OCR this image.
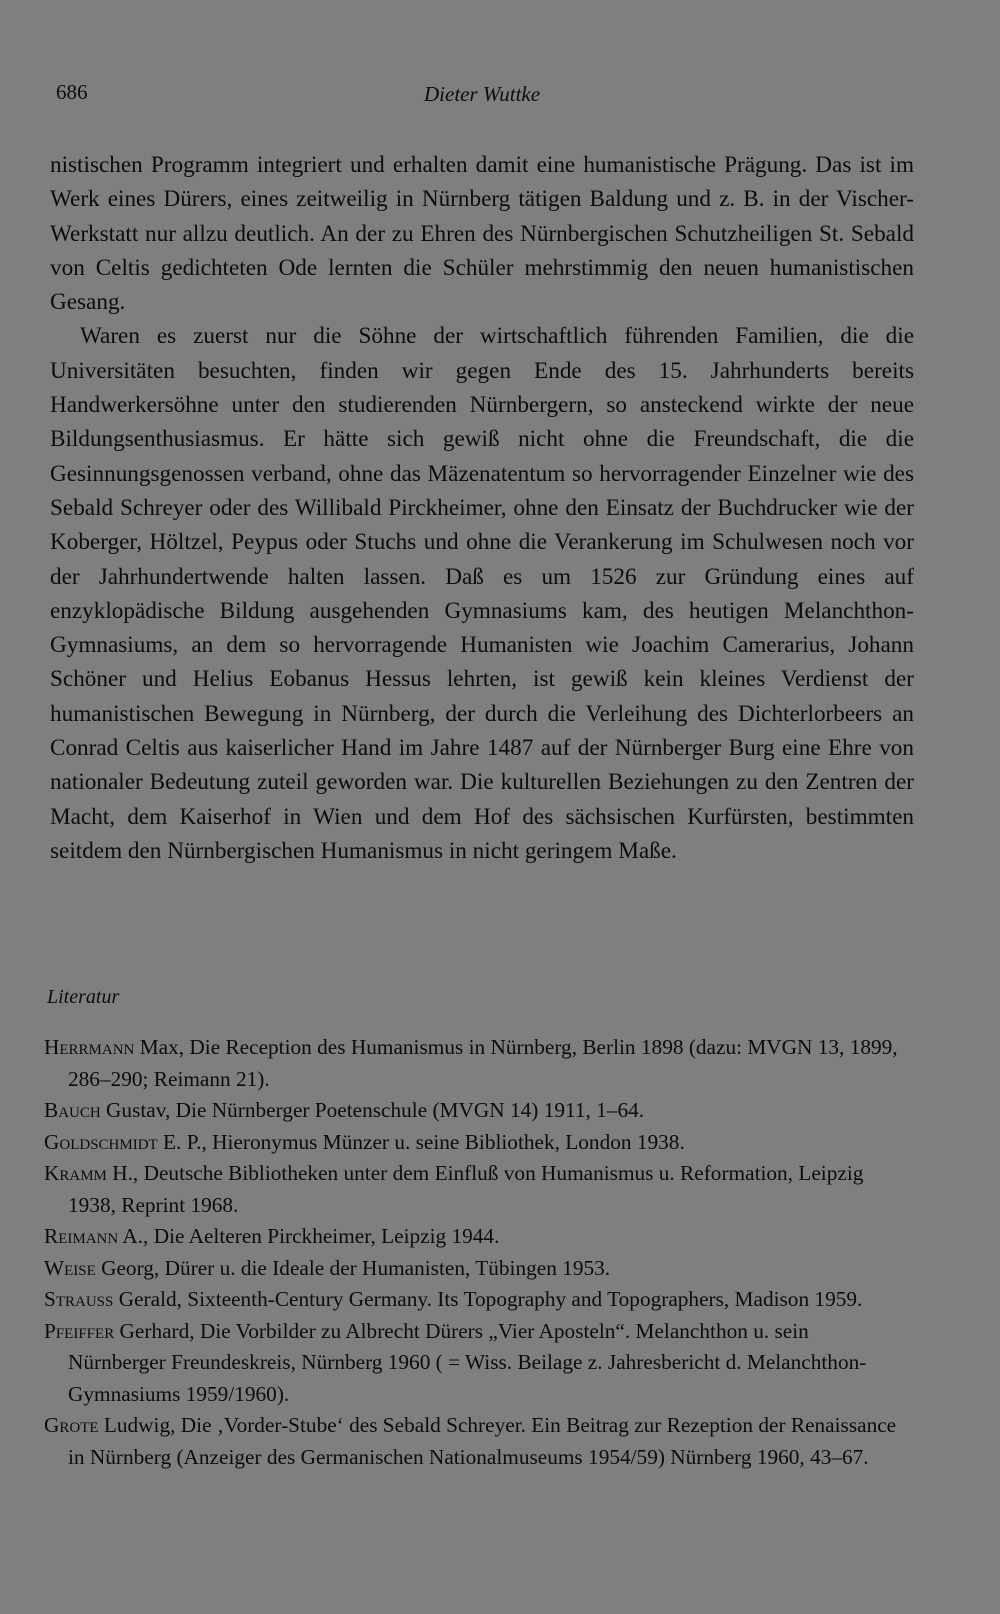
686	Dieter Wuttke

nistischen Programm integriert und erhalten damit eine humanistische Prägung. Das ist im Werk eines Dürers, eines zeitweilig in Nürnberg tätigen Baldung und z. B. in der Vischer-Werkstatt nur allzu deutlich. An der zu Ehren des Nürnbergischen Schutzheiligen St. Sebald von Celtis gedichteten Ode lernten die Schüler mehrstimmig den neuen humanistischen Gesang.

Waren es zuerst nur die Söhne der wirtschaftlich führenden Familien, die die Universitäten besuchten, finden wir gegen Ende des 15. Jahrhunderts bereits Handwerkersöhne unter den studierenden Nürnbergern, so ansteckend wirkte der neue Bildungsenthusiasmus. Er hätte sich gewiß nicht ohne die Freundschaft, die die Gesinnungsgenossen verband, ohne das Mäzenatentum so hervorragender Einzelner wie des Sebald Schreyer oder des Willibald Pirckheimer, ohne den Einsatz der Buchdrucker wie der Koberger, Höltzel, Peypus oder Stuchs und ohne die Verankerung im Schulwesen noch vor der Jahrhundertwende halten lassen. Daß es um 1526 zur Gründung eines auf enzyklopädische Bildung ausgehenden Gymnasiums kam, des heutigen Melanchthon-Gymnasiums, an dem so hervorragende Humanisten wie Joachim Camerarius, Johann Schöner und Helius Eobanus Hessus lehrten, ist gewiß kein kleines Verdienst der humanistischen Bewegung in Nürnberg, der durch die Verleihung des Dichterlorbeers an Conrad Celtis aus kaiserlicher Hand im Jahre 1487 auf der Nürnberger Burg eine Ehre von nationaler Bedeutung zuteil geworden war. Die kulturellen Beziehungen zu den Zentren der Macht, dem Kaiserhof in Wien und dem Hof des sächsischen Kurfürsten, bestimmten seitdem den Nürnbergischen Humanismus in nicht geringem Maße.

Literatur

Herrmann Max, Die Reception des Humanismus in Nürnberg, Berlin 1898 (dazu: MVGN 13, 1899, 286–290; Reimann 21).

Bauch Gustav, Die Nürnberger Poetenschule (MVGN 14) 1911, 1–64.

Goldschmidt E. P., Hieronymus Münzer u. seine Bibliothek, London 1938.

Kramm H., Deutsche Bibliotheken unter dem Einfluß von Humanismus u. Reformation, Leipzig 1938, Reprint 1968.

Reimann A., Die Aelteren Pirckheimer, Leipzig 1944.

Weise Georg, Dürer u. die Ideale der Humanisten, Tübingen 1953.

Strauss Gerald, Sixteenth-Century Germany. Its Topography and Topographers, Madison 1959.

Pfeiffer Gerhard, Die Vorbilder zu Albrecht Dürers „Vier Aposteln“. Melanchthon u. sein Nürnberger Freundeskreis, Nürnberg 1960 ( = Wiss. Beilage z. Jahresbericht d. Melanchthon-Gymnasiums 1959/1960).

Grote Ludwig, Die ‚Vorder-Stube‘ des Sebald Schreyer. Ein Beitrag zur Rezeption der Renaissance in Nürnberg (Anzeiger des Germanischen Nationalmuseums 1954/59) Nürnberg 1960, 43–67.
